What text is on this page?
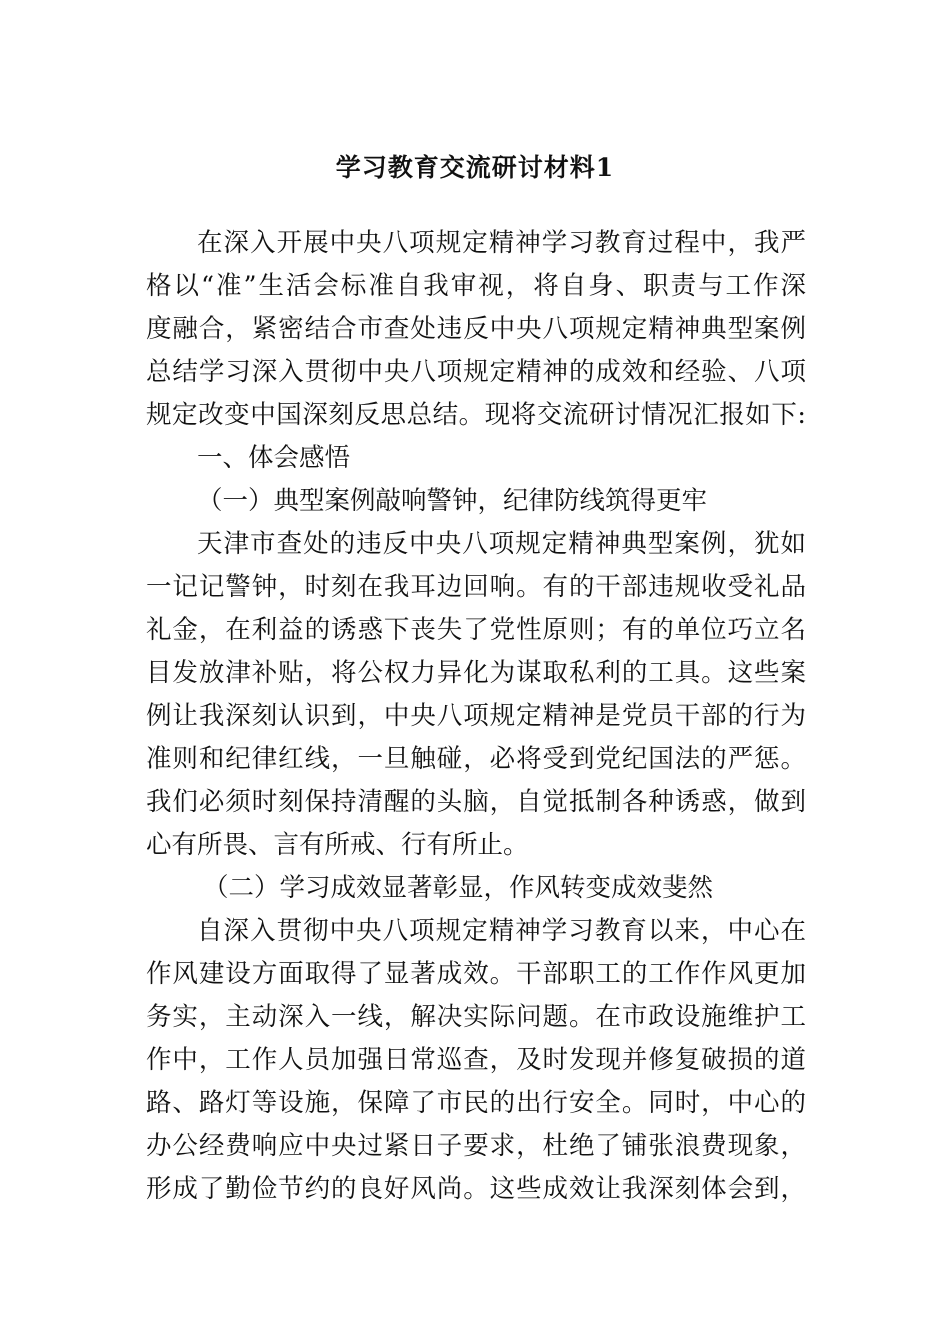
学习教育交流研讨材料1
在深入开展中央八项规定精神学习教育过程中，我严
格以“准”生活会标准自我审视，将自身、职责与工作深
度融合，紧密结合市查处违反中央八项规定精神典型案例
总结学习深入贯彻中央八项规定精神的成效和经验、八项
规定改变中国深刻反思总结。现将交流研讨情况汇报如下:
一、体会感悟
（一）典型案例敲响警钟，纪律防线筑得更牢
天津市查处的违反中央八项规定精神典型案例，犹如
一记记警钟，时刻在我耳边回响。有的干部违规收受礼品
礼金，在利益的诱惑下丧失了党性原则；有的单位巧立名
目发放津补贴，将公权力异化为谋取私利的工具。这些案
例让我深刻认识到，中央八项规定精神是党员干部的行为
准则和纪律红线，一旦触碰，必将受到党纪国法的严惩。
我们必须时刻保持清醒的头脑，自觉抵制各种诱惑，做到
心有所畏、言有所戒、行有所止。
（二）学习成效显著彰显，作风转变成效斐然
自深入贯彻中央八项规定精神学习教育以来，中心在
作风建设方面取得了显著成效。干部职工的工作作风更加
务实，主动深入一线，解决实际问题。在市政设施维护工
作中，工作人员加强日常巡查，及时发现并修复破损的道
路、路灯等设施，保障了市民的出行安全。同时，中心的
办公经费响应中央过紧日子要求，杜绝了铺张浪费现象，
形成了勤俭节约的良好风尚。这些成效让我深刻体会到，
